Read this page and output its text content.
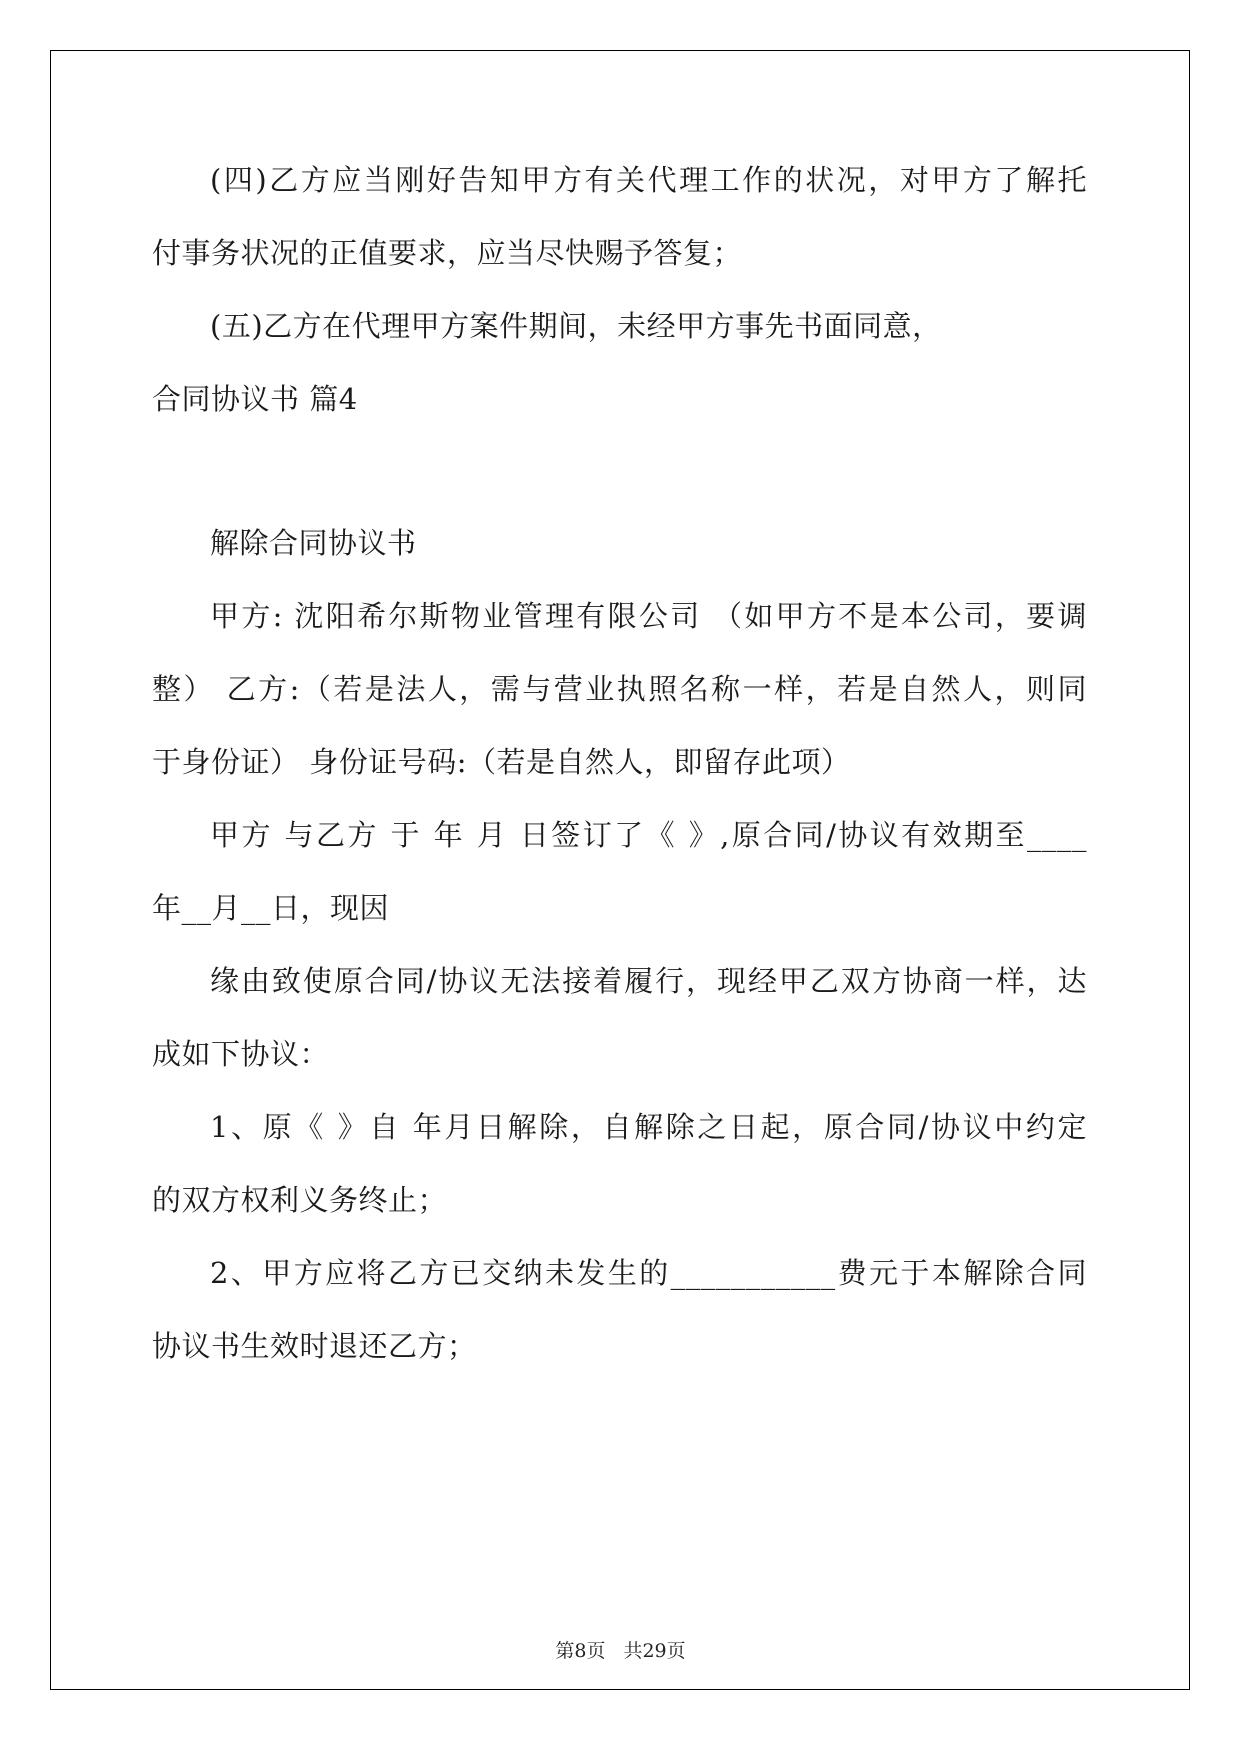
(四)乙方应当刚好告知甲方有关代理工作的状况，对甲方了解托
付事务状况的正值要求，应当尽快赐予答复；
(五)乙方在代理甲方案件期间，未经甲方事先书面同意，
合同协议书 篇4
解除合同协议书
甲方: 沈阳希尔斯物业管理有限公司 （如甲方不是本公司，要调
整） 乙方:（若是法人，需与营业执照名称一样，若是自然人，则同
于身份证） 身份证号码:（若是自然人，即留存此项）
甲方 与乙方 于 年 月 日签订了《 》,原合同/协议有效期至____
年__月__日，现因
缘由致使原合同/协议无法接着履行，现经甲乙双方协商一样，达
成如下协议：
1、原《 》自 年月日解除，自解除之日起，原合同/协议中约定
的双方权利义务终止；
2、甲方应将乙方已交纳未发生的___________费元于本解除合同
协议书生效时退还乙方；
第8页 共29页
